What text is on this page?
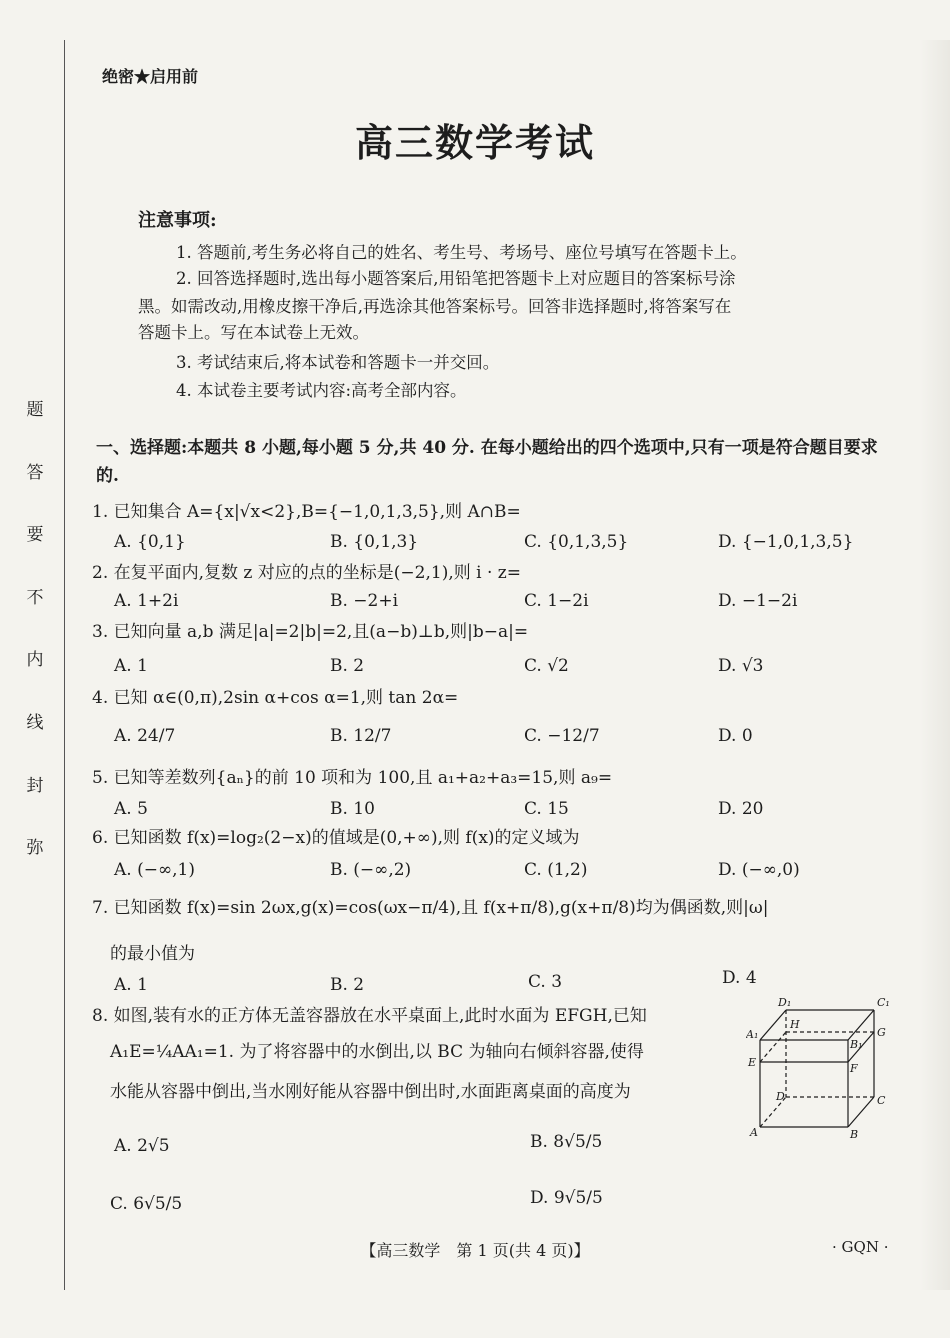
题
答
要
不
内
线
封
弥
绝密★启用前
高三数学考试
注意事项:

1. 答题前,考生务必将自己的姓名、考生号、考场号、座位号填写在答题卡上。

2. 回答选择题时,选出每小题答案后,用铅笔把答题卡上对应题目的答案标号涂

黑。如需改动,用橡皮擦干净后,再选涂其他答案标号。回答非选择题时,将答案写在

答题卡上。写在本试卷上无效。

3. 考试结束后,将本试卷和答题卡一并交回。

4. 本试卷主要考试内容:高考全部内容。

一、选择题:本题共 8 小题,每小题 5 分,共 40 分. 在每小题给出的四个选项中,只有一项是符合题目要求的.
1. 已知集合 A={x|√x<2},B={−1,0,1,3,5},则 A∩B=
A. {0,1}	B. {0,1,3}	C. {0,1,3,5}	D. {−1,0,1,3,5}
2. 在复平面内,复数 z 对应的点的坐标是(−2,1),则 i · z=
A. 1+2i	B. −2+i	C. 1−2i	D. −1−2i
3. 已知向量 a,b 满足|a|=2|b|=2,且(a−b)⊥b,则|b−a|=
A. 1	B. 2	C. √2	D. √3
4. 已知 α∈(0,π),2sin α+cos α=1,则 tan 2α=
A. 24/7	B. 12/7	C. −12/7	D. 0
5. 已知等差数列{aₙ}的前 10 项和为 100,且 a₁+a₂+a₃=15,则 a₉=
A. 5	B. 10	C. 15	D. 20
6. 已知函数 f(x)=log₂(2−x)的值域是(0,+∞),则 f(x)的定义域为
A. (−∞,1)	B. (−∞,2)	C. (1,2)	D. (−∞,0)
7. 已知函数 f(x)=sin 2ωx,g(x)=cos(ωx−π/4),且 f(x+π/8),g(x+π/8)均为偶函数,则|ω|
的最小值为
A. 1	B. 2	C. 3	D. 4
8. 如图,装有水的正方体无盖容器放在水平桌面上,此时水面为 EFGH,已知
A₁E=¼AA₁=1. 为了将容器中的水倒出,以 BC 为轴向右倾斜容器,使得
水能从容器中倒出,当水刚好能从容器中倒出时,水面距离桌面的高度为
A. 2√5	B. 8√5/5
C. 6√5/5	D. 9√5/5
D₁	C₁
H
A₁
B₁
G
E	F
D	C
A	B
【高三数学　第 1 页(共 4 页)】	· GQN ·
